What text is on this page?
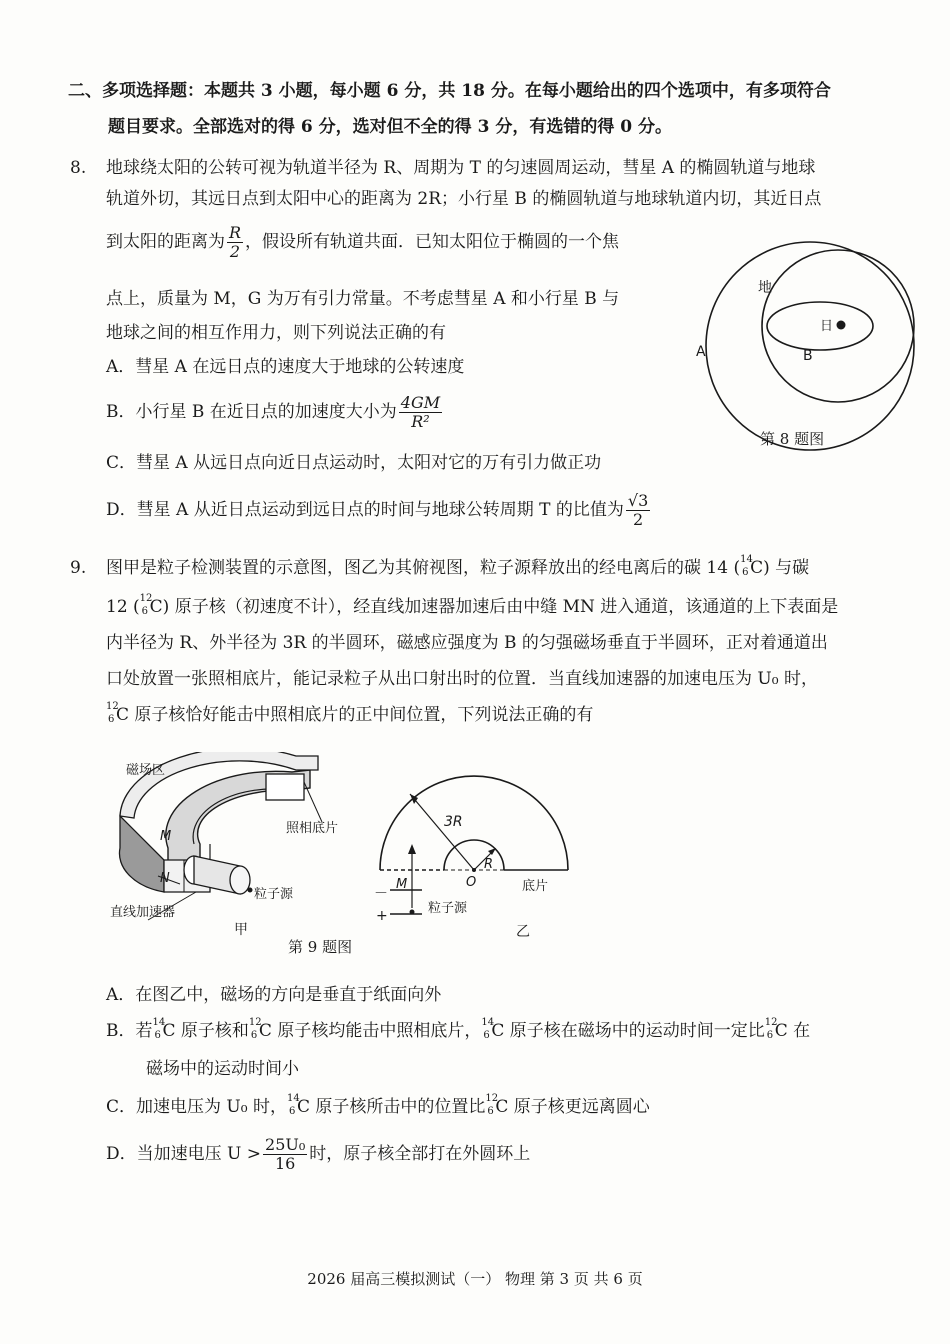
二、多项选择题：本题共 3 小题，每小题 6 分，共 18 分。在每小题给出的四个选项中，有多项符合
题目要求。全部选对的得 6 分，选对但不全的得 3 分，有选错的得 0 分。
8. 地球绕太阳的公转可视为轨道半径为 R、周期为 T 的匀速圆周运动，彗星 A 的椭圆轨道与地球
轨道外切，其远日点到太阳中心的距离为 2R；小行星 B 的椭圆轨道与地球轨道内切，其近日点
到太阳的距离为 $\frac{R}{2}$ ，假设所有轨道共面．已知太阳位于椭圆的一个焦
点上，质量为 M，G 为万有引力常量。不考虑彗星 A 和小行星 B 与
地球之间的相互作用力，则下列说法正确的有
A．彗星 A 在远日点的速度大于地球的公转速度
B．小行星 B 在近日点的加速度大小为 $\frac{4GM}{\text{R²}}$
C．彗星 A 从远日点向近日点运动时，太阳对它的万有引力做正功
D．彗星 A 从近日点运动到远日点的时间与地球公转周期 T 的比值为 $\frac{√3}{2}$
地
日
A	B
第 8 题图
9. 图甲是粒子检测装置的示意图，图乙为其俯视图，粒子源释放出的经电离后的碳 14 ( 14
6 C) 与碳
12 ( 12
6 C) 原子核（初速度不计），经直线加速器加速后由中缝 MN 进入通道，该通道的上下表面是
内半径为 R、外半径为 3R 的半圆环，磁感应强度为 B 的匀强磁场垂直于半圆环，正对着通道出
口处放置一张照相底片，能记录粒子从出口射出时的位置．当直线加速器的加速电压为 U₀ 时，
12
6 C 原子核恰好能击中照相底片的正中间位置，下列说法正确的有
磁场区
照相底片
M
N
粒子源
直线加速器
甲
第 9 题图
3R
R
O
M	底片
粒子源
－
+
乙
A．在图乙中，磁场的方向是垂直于纸面向外
B．若 14
6 C 原子核和 12
6 C 原子核均能击中照相底片， 14
6 C 原子核在磁场中的运动时间一定比 12
6 C 在
磁场中的运动时间小
C．加速电压为 U₀ 时， 14
6 C 原子核所击中的位置比 12
6 C 原子核更远离圆心
D．当加速电压 $U > \frac{\text{25U₀}}{16}$ 时，原子核全部打在外圆环上
2026 届高三模拟测试（一） 物理 第 3 页 共 6 页
